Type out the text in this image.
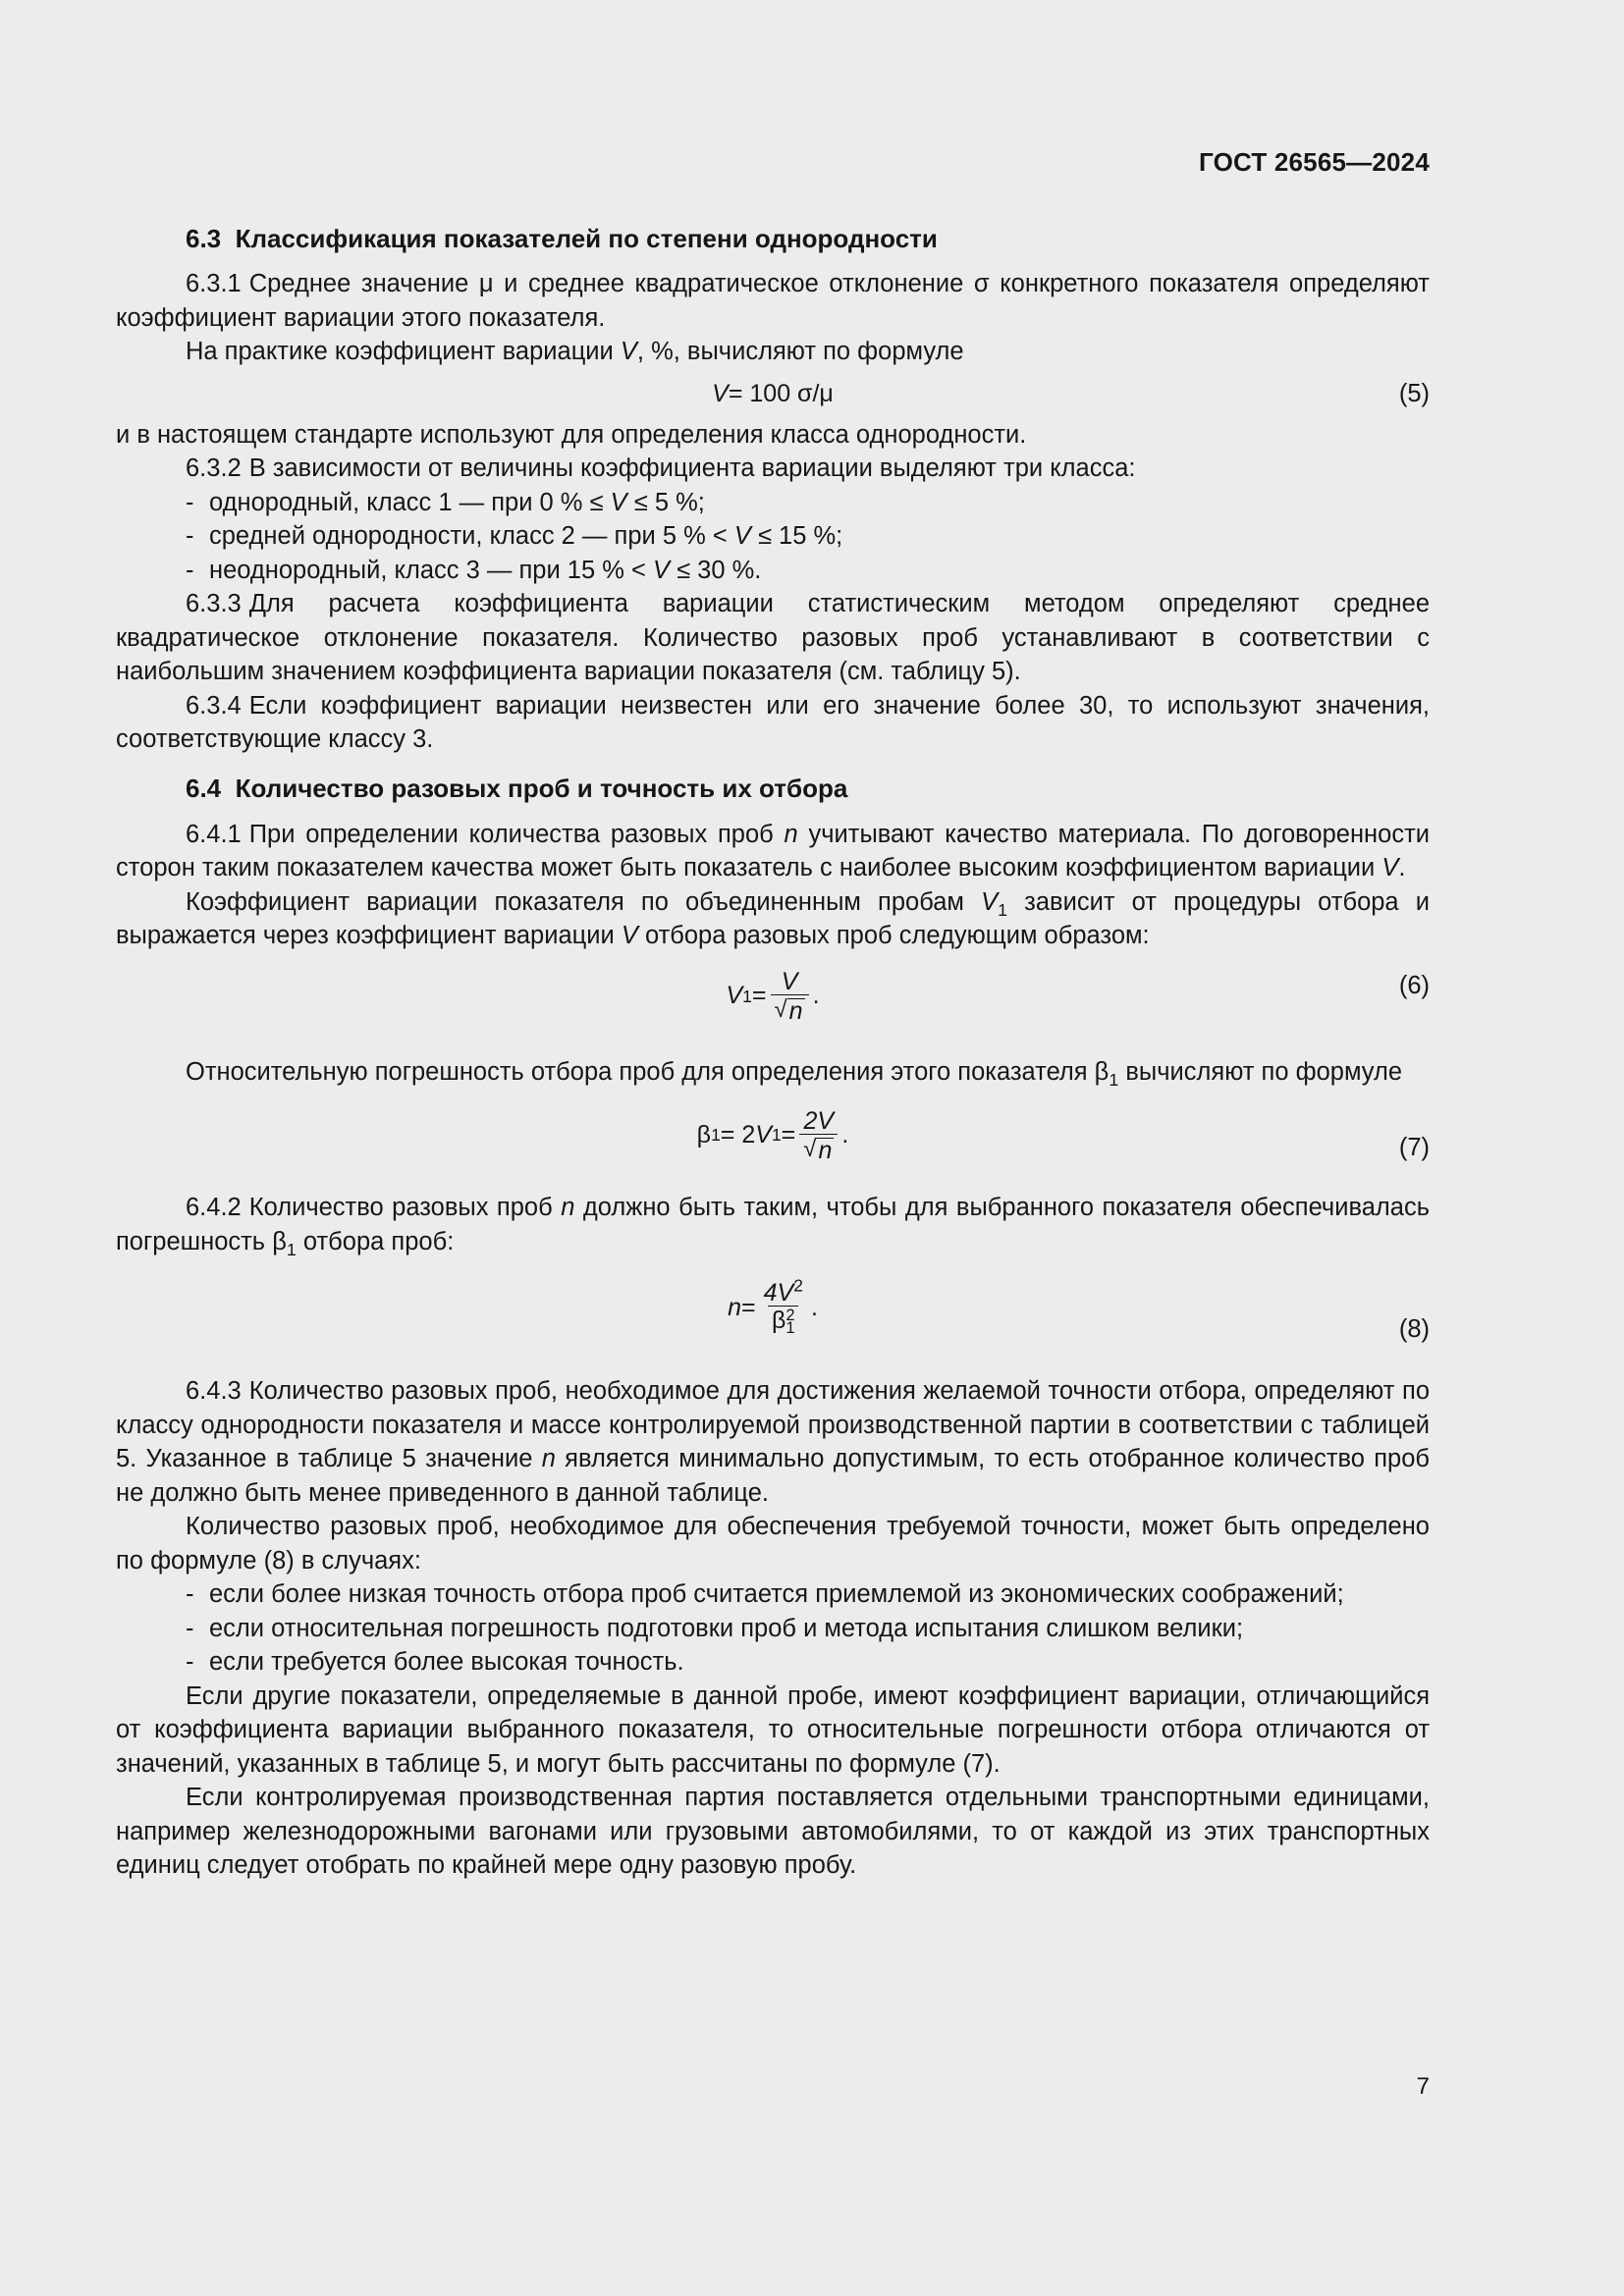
ГОСТ 26565—2024
6.3 Классификация показателей по степени однородности

6.3.1 Среднее значение μ и среднее квадратическое отклонение σ конкретного показателя определяют коэффициент вариации этого показателя.

На практике коэффициент вариации V, %, вычисляют по формуле

V = 100 σ/μ	(5)

и в настоящем стандарте используют для определения класса однородности.

6.3.2 В зависимости от величины коэффициента вариации выделяют три класса:

- однородный, класс 1 — при 0 % ≤ V ≤ 5 %;

- средней однородности, класс 2 — при 5 % < V ≤ 15 %;

- неоднородный, класс 3 — при 15 % < V ≤ 30 %.

6.3.3 Для расчета коэффициента вариации статистическим методом определяют среднее квадратическое отклонение показателя. Количество разовых проб устанавливают в соответствии с наибольшим значением коэффициента вариации показателя (см. таблицу 5).

6.3.4 Если коэффициент вариации неизвестен или его значение более 30, то используют значения, соответствующие классу 3.

6.4 Количество разовых проб и точность их отбора

6.4.1 При определении количества разовых проб n учитывают качество материала. По договоренности сторон таким показателем качества может быть показатель с наиболее высоким коэффициентом вариации V.

Коэффициент вариации показателя по объединенным пробам $V_1$ зависит от процедуры отбора и выражается через коэффициент вариации V отбора разовых проб следующим образом:

V $1 = \frac{V}{√ n}$ .	(6)

Относительную погрешность отбора проб для определения этого показателя $\beta_1$ вычисляют по формуле

β 1 = 2 V $1 = \frac{2V}{√ n}$ .	(7)

6.4.2 Количество разовых проб n должно быть таким, чтобы для выбранного показателя обеспечивалась погрешность $\beta_1$ отбора проб:

$n = 4V^2$
β 2
1 .
(8)

6.4.3 Количество разовых проб, необходимое для достижения желаемой точности отбора, определяют по классу однородности показателя и массе контролируемой производственной партии в соответствии с таблицей 5. Указанное в таблице 5 значение n является минимально допустимым, то есть отобранное количество проб не должно быть менее приведенного в данной таблице.

Количество разовых проб, необходимое для обеспечения требуемой точности, может быть определено по формуле (8) в случаях:

- если более низкая точность отбора проб считается приемлемой из экономических соображений;

- если относительная погрешность подготовки проб и метода испытания слишком велики;

- если требуется более высокая точность.

Если другие показатели, определяемые в данной пробе, имеют коэффициент вариации, отличающийся от коэффициента вариации выбранного показателя, то относительные погрешности отбора отличаются от значений, указанных в таблице 5, и могут быть рассчитаны по формуле (7).

Если контролируемая производственная партия поставляется отдельными транспортными единицами, например железнодорожными вагонами или грузовыми автомобилями, то от каждой из этих транспортных единиц следует отобрать по крайней мере одну разовую пробу.

7
